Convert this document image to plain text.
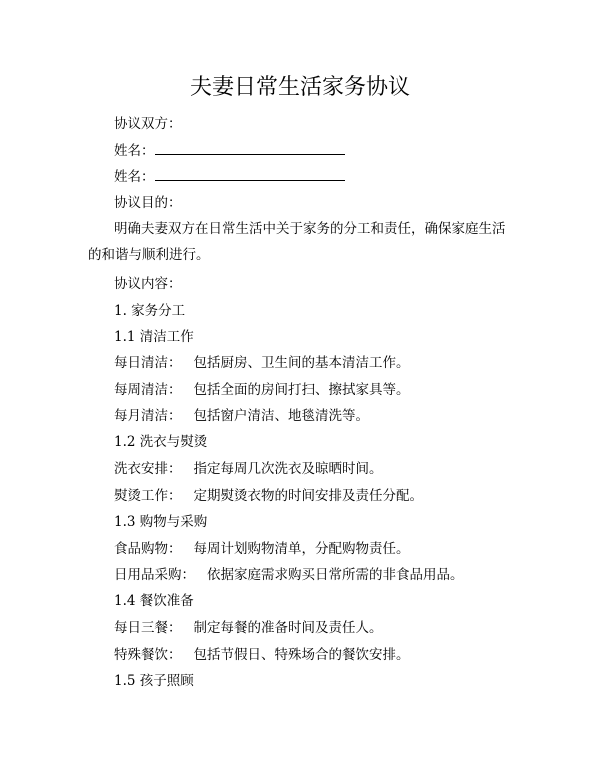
夫妻日常生活家务协议
协议双方：
姓名：
姓名：
协议目的：
明确夫妻双方在日常生活中关于家务的分工和责任，确保家庭生活的和谐与顺利进行。
协议内容：
1. 家务分工
1.1 清洁工作
每日清洁： 包括厨房、卫生间的基本清洁工作。
每周清洁： 包括全面的房间打扫、擦拭家具等。
每月清洁： 包括窗户清洁、地毯清洗等。
1.2 洗衣与熨烫
洗衣安排： 指定每周几次洗衣及晾晒时间。
熨烫工作： 定期熨烫衣物的时间安排及责任分配。
1.3 购物与采购
食品购物： 每周计划购物清单，分配购物责任。
日用品采购： 依据家庭需求购买日常所需的非食品用品。
1.4 餐饮准备
每日三餐： 制定每餐的准备时间及责任人。
特殊餐饮： 包括节假日、特殊场合的餐饮安排。
1.5 孩子照顾
